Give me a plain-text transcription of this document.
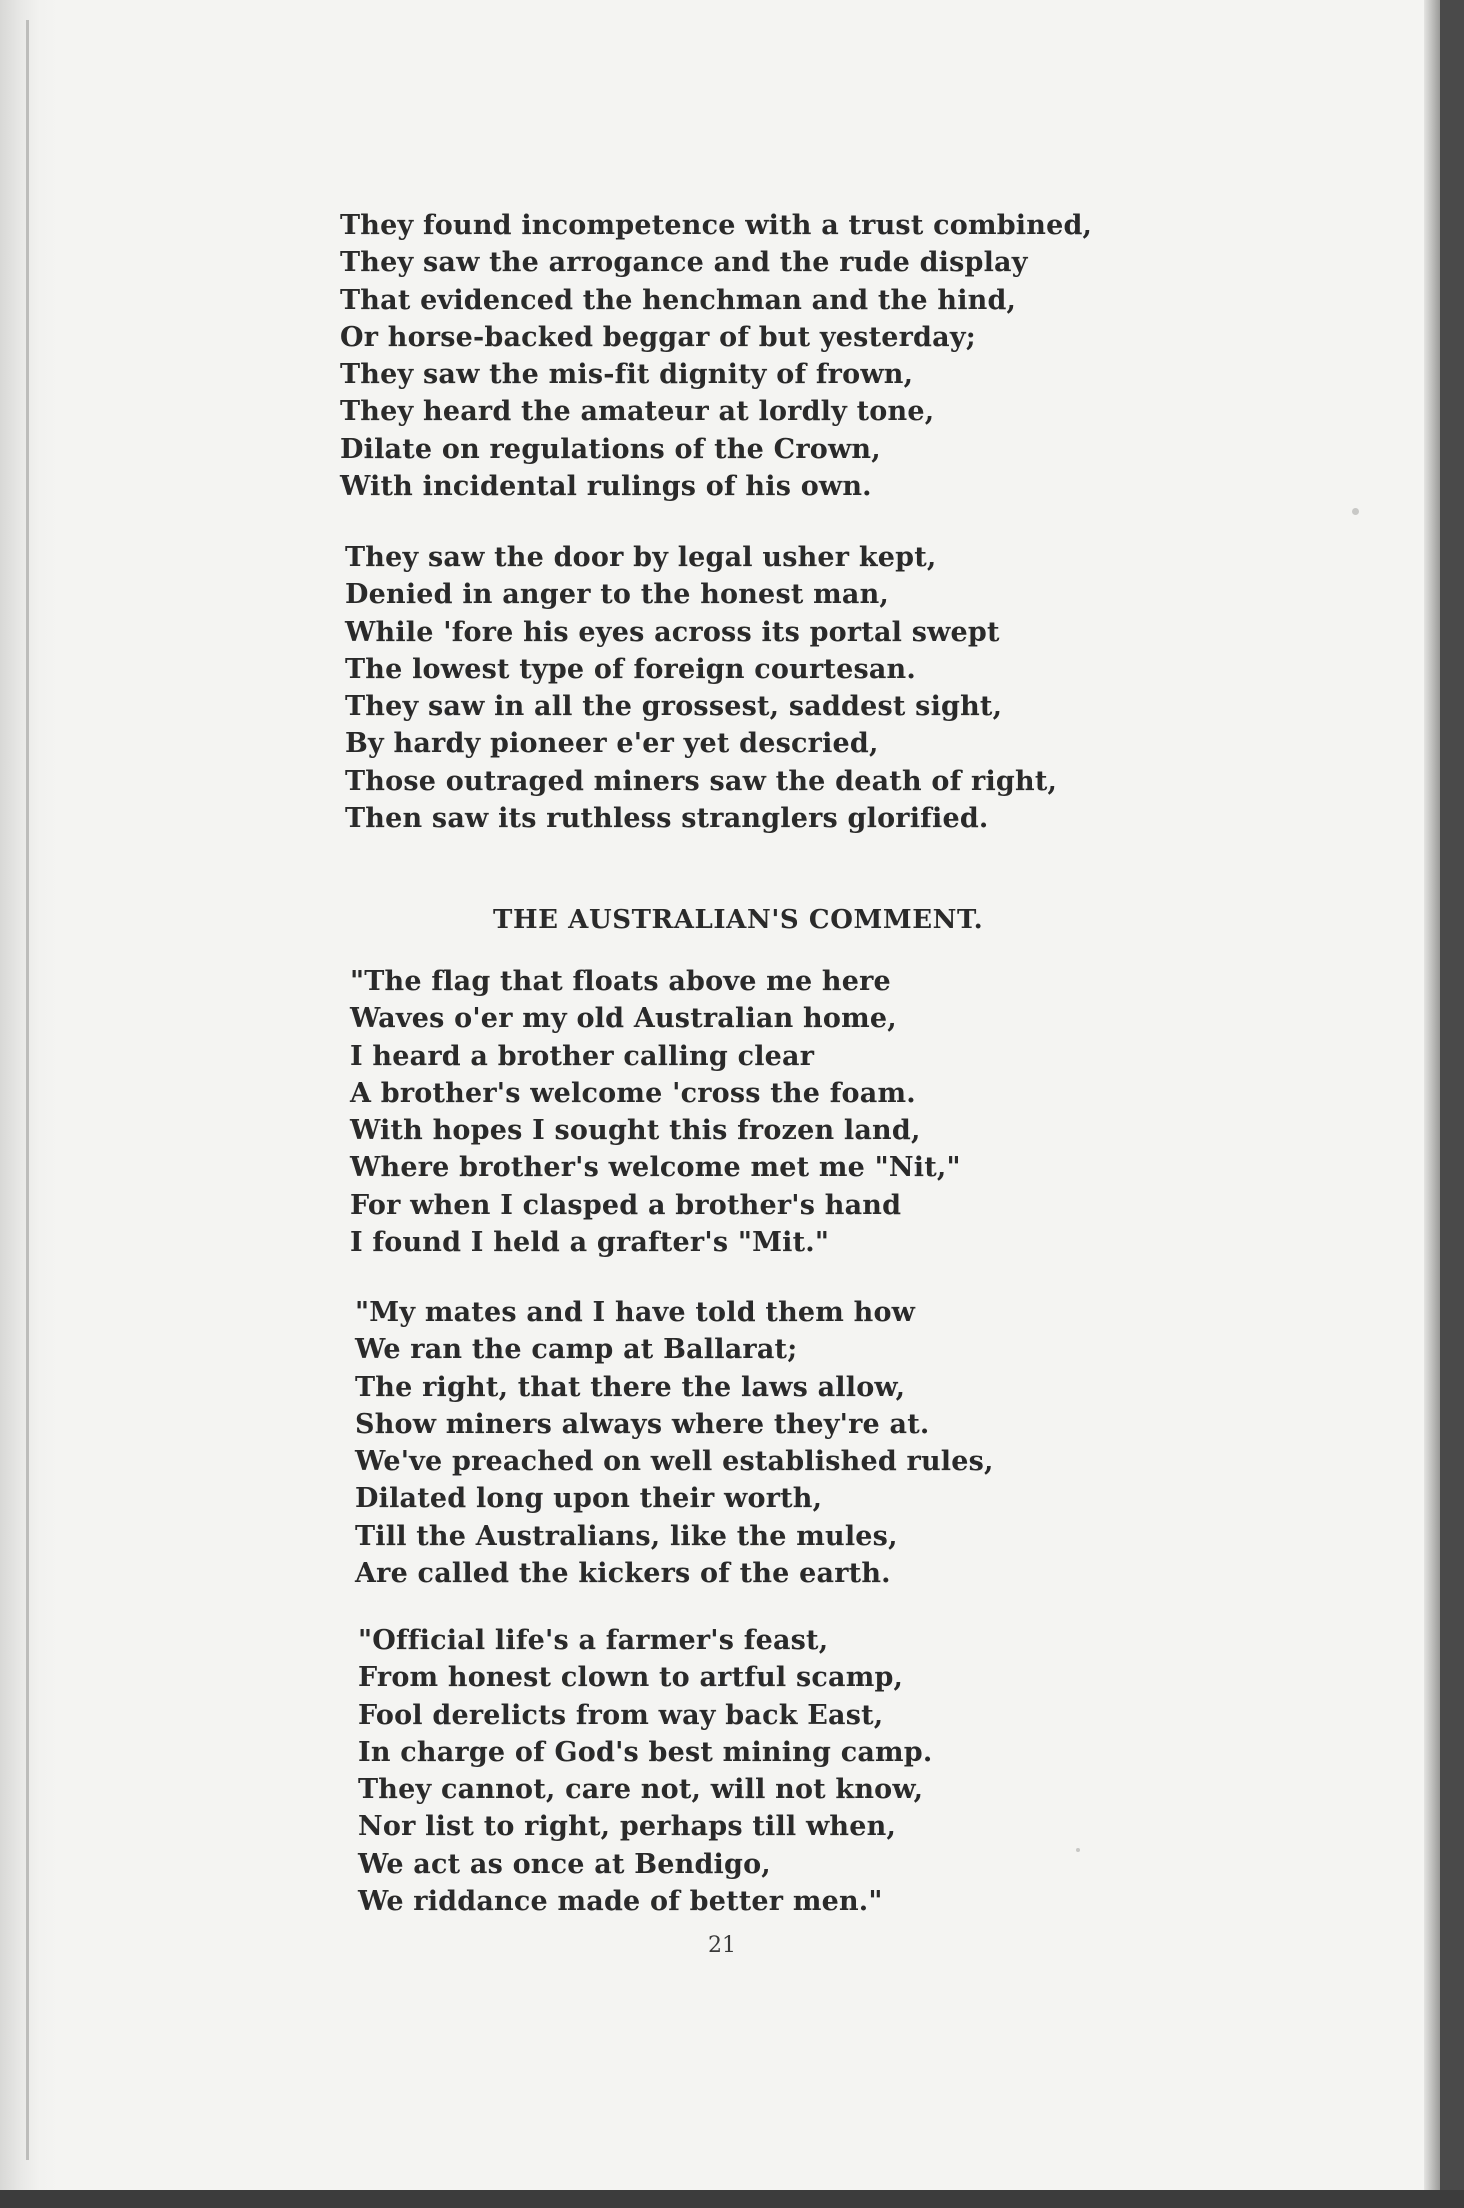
They found incompetence with a trust combined,
They saw the arrogance and the rude display
That evidenced the henchman and the hind,
Or horse-backed beggar of but yesterday;
They saw the mis-fit dignity of frown,
They heard the amateur at lordly tone,
Dilate on regulations of the Crown,
With incidental rulings of his own.
They saw the door by legal usher kept,
Denied in anger to the honest man,
While 'fore his eyes across its portal swept
The lowest type of foreign courtesan.
They saw in all the grossest, saddest sight,
By hardy pioneer e'er yet descried,
Those outraged miners saw the death of right,
Then saw its ruthless stranglers glorified.
THE AUSTRALIAN'S COMMENT.
"The flag that floats above me here
Waves o'er my old Australian home,
I heard a brother calling clear
A brother's welcome 'cross the foam.
With hopes I sought this frozen land,
Where brother's welcome met me "Nit,"
For when I clasped a brother's hand
I found I held a grafter's "Mit."
"My mates and I have told them how
We ran the camp at Ballarat;
The right, that there the laws allow,
Show miners always where they're at.
We've preached on well established rules,
Dilated long upon their worth,
Till the Australians, like the mules,
Are called the kickers of the earth.
"Official life's a farmer's feast,
From honest clown to artful scamp,
Fool derelicts from way back East,
In charge of God's best mining camp.
They cannot, care not, will not know,
Nor list to right, perhaps till when,
We act as once at Bendigo,
We riddance made of better men."
21
